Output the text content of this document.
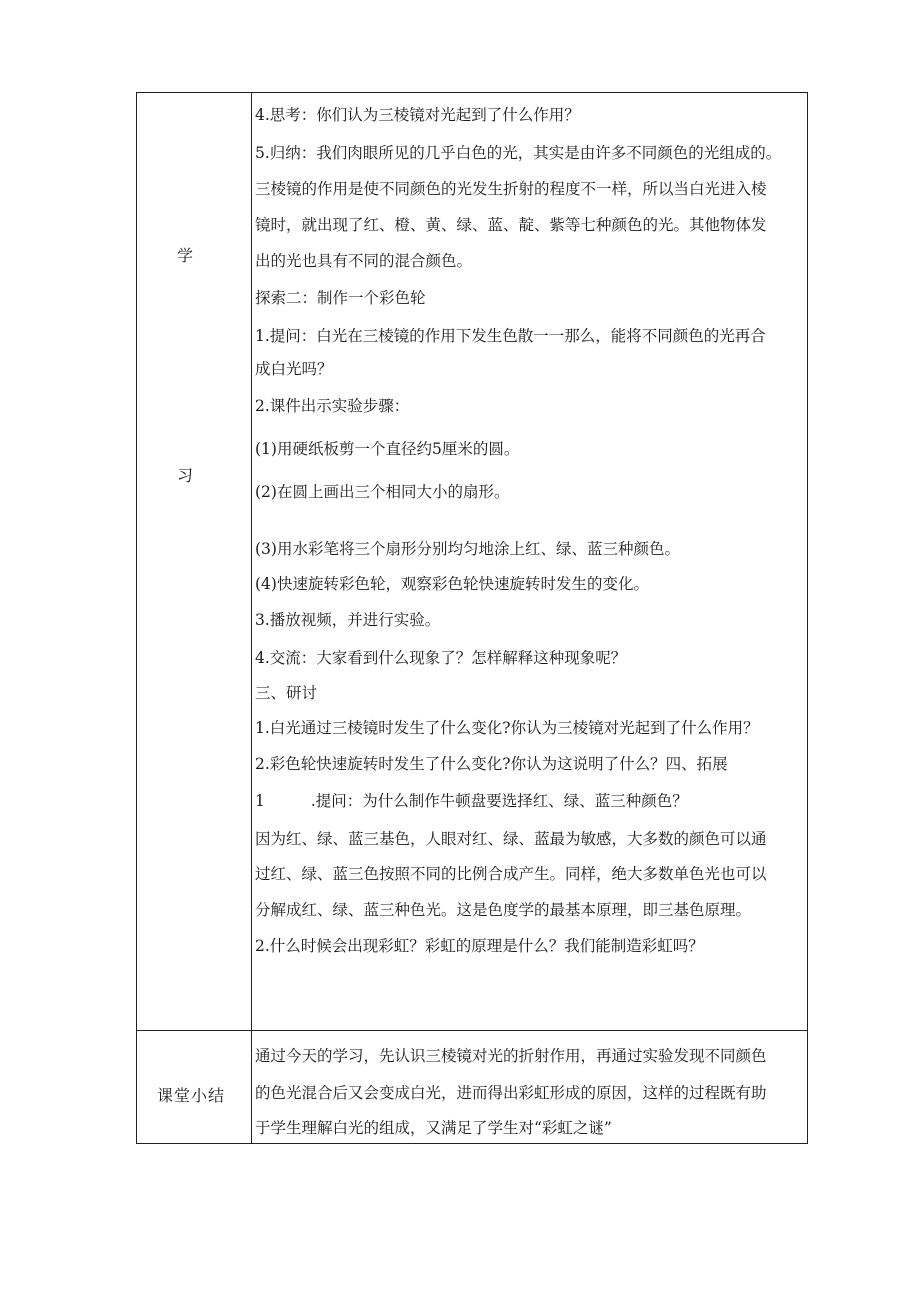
学
习
课堂小结
4.思考：你们认为三棱镜对光起到了什么作用？
5.归纳：我们肉眼所见的几乎白色的光，其实是由许多不同颜色的光组成的。
三棱镜的作用是使不同颜色的光发生折射的程度不一样，所以当白光进入棱
镜时，就出现了红、橙、黄、绿、蓝、靛、紫等七种颜色的光。其他物体发
出的光也具有不同的混合颜色。
探索二：制作一个彩色轮
1.提问：白光在三棱镜的作用下发生色散一一那么，能将不同颜色的光再合
成白光吗？
2.课件出示实验步骤：
(1)用硬纸板剪一个直径约5厘米的圆。
(2)在圆上画出三个相同大小的扇形。
(3)用水彩笔将三个扇形分别均匀地涂上红、绿、蓝三种颜色。
(4)快速旋转彩色轮，观察彩色轮快速旋转时发生的变化。
3.播放视频，并进行实验。
4.交流：大家看到什么现象了？怎样解释这种现象呢？
三、研讨
1.白光通过三棱镜时发生了什么变化?你认为三棱镜对光起到了什么作用？
2.彩色轮快速旋转时发生了什么变化?你认为这说明了什么？四、拓展
1	.提问：为什么制作牛顿盘要选择红、绿、蓝三种颜色？
因为红、绿、蓝三基色，人眼对红、绿、蓝最为敏感，大多数的颜色可以通
过红、绿、蓝三色按照不同的比例合成产生。同样，绝大多数单色光也可以
分解成红、绿、蓝三种色光。这是色度学的最基本原理，即三基色原理。
2.什么时候会出现彩虹？彩虹的原理是什么？我们能制造彩虹吗？
通过今天的学习，先认识三棱镜对光的折射作用，再通过实验发现不同颜色
的色光混合后又会变成白光，进而得出彩虹形成的原因，这样的过程既有助
于学生理解白光的组成，又满足了学生对“彩虹之谜”
